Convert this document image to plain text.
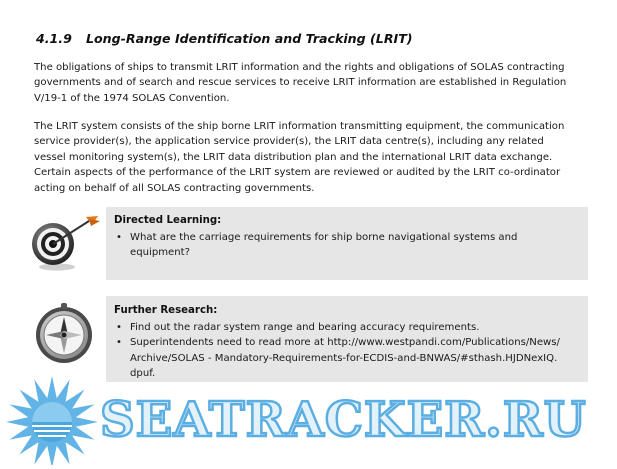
4.1.9 Long-Range Identification and Tracking (LRIT)

The obligations of ships to transmit LRIT information and the rights and obligations of SOLAS contracting
governments and of search and rescue services to receive LRIT information are established in Regulation
V/19-1 of the 1974 SOLAS Convention.

The LRIT system consists of the ship borne LRIT information transmitting equipment, the communication
service provider(s), the application service provider(s), the LRIT data centre(s), including any related
vessel monitoring system(s), the LRIT data distribution plan and the international LRIT data exchange.
Certain aspects of the performance of the LRIT system are reviewed or audited by the LRIT co-ordinator
acting on behalf of all SOLAS contracting governments.

Directed Learning:
• What are the carriage requirements for ship borne navigational systems and
equipment?
Further Research:
• Find out the radar system range and bearing accuracy requirements.
• Superintendents need to read more at http://www.westpandi.com/Publications/News/
Archive/SOLAS - Mandatory-Requirements-for-ECDIS-and-BNWAS/#sthash.HJDNexIQ.
dpuf.
SEATRACKER.RU
